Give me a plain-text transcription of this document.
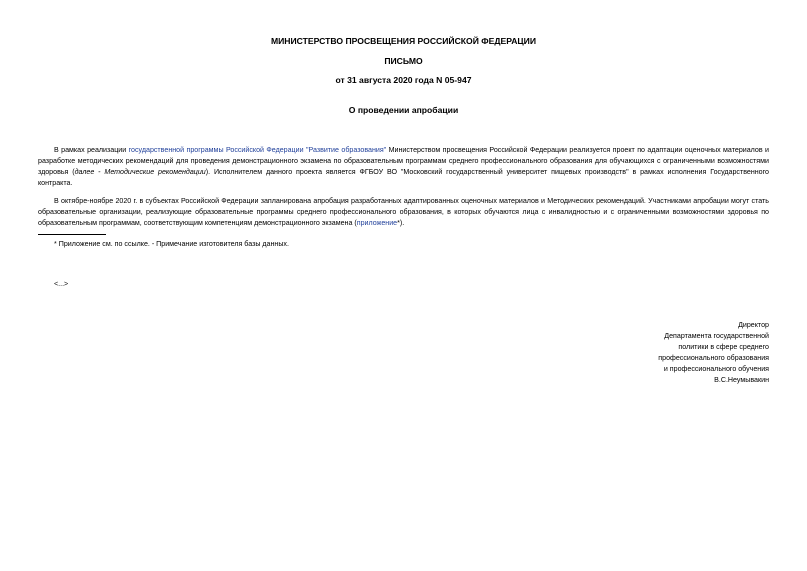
МИНИСТЕРСТВО ПРОСВЕЩЕНИЯ РОССИЙСКОЙ ФЕДЕРАЦИИ
ПИСЬМО
от 31 августа 2020 года N 05-947
О проведении апробации
В рамках реализации государственной программы Российской Федерации "Развитие образования" Министерством просвещения Российской Федерации реализуется проект по адаптации оценочных материалов и разработке методических рекомендаций для проведения демонстрационного экзамена по образовательным программам среднего профессионального образования для обучающихся с ограниченными возможностями здоровья (далее - Методические рекомендации). Исполнителем данного проекта является ФГБОУ ВО "Московский государственный университет пищевых производств" в рамках исполнения Государственного контракта.
В октябре-ноябре 2020 г. в субъектах Российской Федерации запланирована апробация разработанных адаптированных оценочных материалов и Методических рекомендаций. Участниками апробации могут стать образовательные организации, реализующие образовательные программы среднего профессионального образования, в которых обучаются лица с инвалидностью и с ограниченными возможностями здоровья по образовательным программам, соответствующим компетенциям демонстрационного экзамена (приложение*).
* Приложение см. по ссылке. - Примечание изготовителя базы данных.
<...>
Директор
Департамента государственной
политики в сфере среднего
профессионального образования
и профессионального обучения
В.С.Неумывакин
